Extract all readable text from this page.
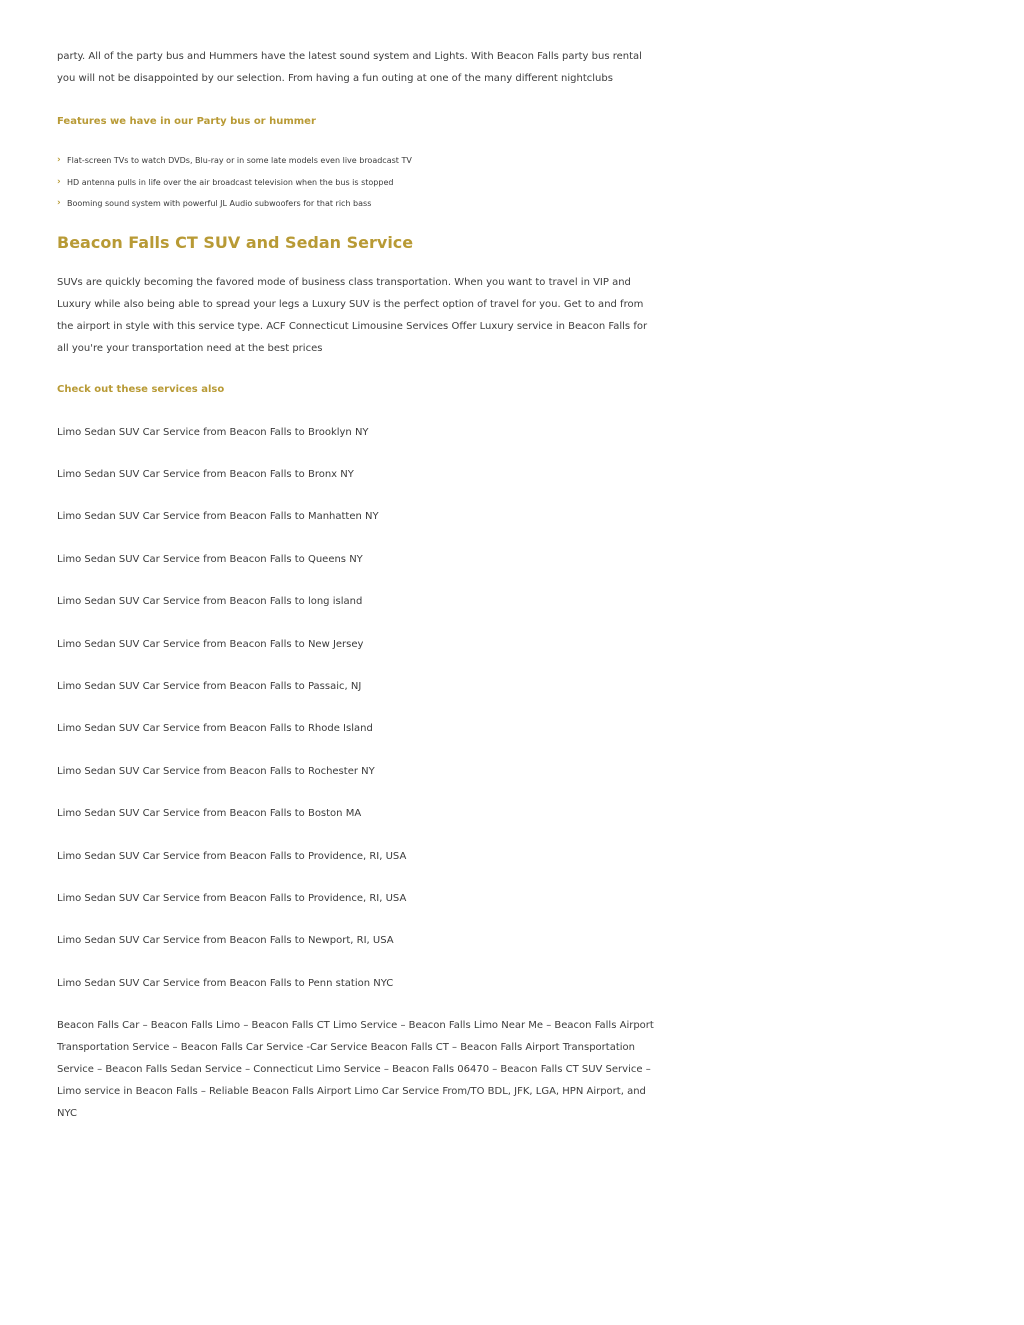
party. All of the party bus and Hummers have the latest sound system and Lights. With Beacon Falls party bus rental you will not be disappointed by our selection. From having a fun outing at one of the many different nightclubs

Features we have in our Party bus or hummer
› Flat-screen TVs to watch DVDs, Blu-ray or in some late models even live broadcast TV
› HD antenna pulls in life over the air broadcast television when the bus is stopped
› Booming sound system with powerful JL Audio subwoofers for that rich bass
Beacon Falls CT SUV and Sedan Service

SUVs are quickly becoming the favored mode of business class transportation. When you want to travel in VIP and Luxury while also being able to spread your legs a Luxury SUV is the perfect option of travel for you. Get to and from the airport in style with this service type. ACF Connecticut Limousine Services Offer Luxury service in Beacon Falls for all you're your transportation need at the best prices

Check out these services also
Limo Sedan SUV Car Service from Beacon Falls to Brooklyn NY
Limo Sedan SUV Car Service from Beacon Falls to Bronx NY
Limo Sedan SUV Car Service from Beacon Falls to Manhatten NY
Limo Sedan SUV Car Service from Beacon Falls to Queens NY
Limo Sedan SUV Car Service from Beacon Falls to long island
Limo Sedan SUV Car Service from Beacon Falls to New Jersey
Limo Sedan SUV Car Service from Beacon Falls to Passaic, NJ
Limo Sedan SUV Car Service from Beacon Falls to Rhode Island
Limo Sedan SUV Car Service from Beacon Falls to Rochester NY
Limo Sedan SUV Car Service from Beacon Falls to Boston MA
Limo Sedan SUV Car Service from Beacon Falls to Providence, RI, USA
Limo Sedan SUV Car Service from Beacon Falls to Providence, RI, USA
Limo Sedan SUV Car Service from Beacon Falls to Newport, RI, USA
Limo Sedan SUV Car Service from Beacon Falls to Penn station NYC

Beacon Falls Car – Beacon Falls Limo – Beacon Falls CT Limo Service – Beacon Falls Limo Near Me – Beacon Falls Airport Transportation Service – Beacon Falls Car Service -Car Service Beacon Falls CT – Beacon Falls Airport Transportation Service – Beacon Falls Sedan Service – Connecticut Limo Service – Beacon Falls 06470 – Beacon Falls CT SUV Service – Limo service in Beacon Falls – Reliable Beacon Falls Airport Limo Car Service From/TO BDL, JFK, LGA, HPN Airport, and NYC
